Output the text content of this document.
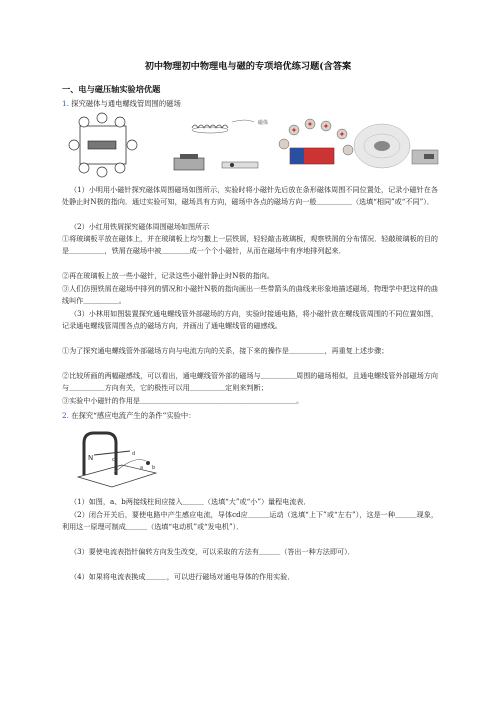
初中物理初中物理电与磁的专项培优练习题(含答案
一、电与磁压轴实验培优题
1. 探究磁体与通电螺线管周围的磁场
磁体
（1）小明用小磁针探究磁体周围磁场如图所示，实验时将小磁针先后放在条形磁体周围不同位置处，记录小磁针在各处静止时N极的指向．通过实验可知，磁场具有方向，磁场中各点的磁场方向一般＿＿＿＿＿（选填“相同”或“不同”）．
（2）小红用铁屑探究磁体周围磁场如图所示
①将玻璃板平放在磁体上，并在玻璃板上均匀撒上一层铁屑，轻轻敲击玻璃板，观察铁屑的分布情况．轻敲玻璃板的目的是＿＿＿＿＿，铁屑在磁场中被＿＿＿＿成一个个小磁针，从而在磁场中有序地排列起来．
②再在玻璃板上放一些小磁针，记录这些小磁针静止时N极的指向。
③人们仿照铁屑在磁场中排列的情况和小磁针N极的指向画出一些带箭头的曲线来形象地描述磁场，物理学中把这样的曲线叫作＿＿＿＿＿。
（3）小林用如图装置探究通电螺线管外部磁场的方向，实验时接通电路，将小磁针放在螺线管周围的不同位置如图，记录通电螺线管周围各点的磁场方向，并画出了通电螺线管的磁感线。
①为了探究通电螺线管外部磁场方向与电流方向的关系，接下来的操作是＿＿＿＿＿，再重复上述步骤；
②比较所画的两幅磁感线，可以看出，通电螺线管外部的磁场与＿＿＿＿＿周围的磁场相似，且通电螺线管外部磁场方向与＿＿＿＿＿方向有关，它的极性可以用＿＿＿＿＿定则来判断；
③实验中小磁针的作用是＿＿＿＿＿＿＿＿＿＿＿＿＿＿＿＿＿＿＿＿＿＿。
2. 在探究“感应电流产生的条件”实验中：
N	c
d
a b
（1）如图，a、b两接线柱间应接入＿＿＿（选填“大”或“小”）量程电流表．
（2）闭合开关后，要使电路中产生感应电流，导体cd应＿＿＿运动（选填“上下”或“左右”），这是一种＿＿＿现象，利用这一原理可制成＿＿＿（选填“电动机”或“发电机”）．
（3）要使电流表指针偏转方向发生改变，可以采取的方法有＿＿＿（答出一种方法即可）．
（4）如果将电流表换成＿＿＿，可以进行磁场对通电导体的作用实验．
